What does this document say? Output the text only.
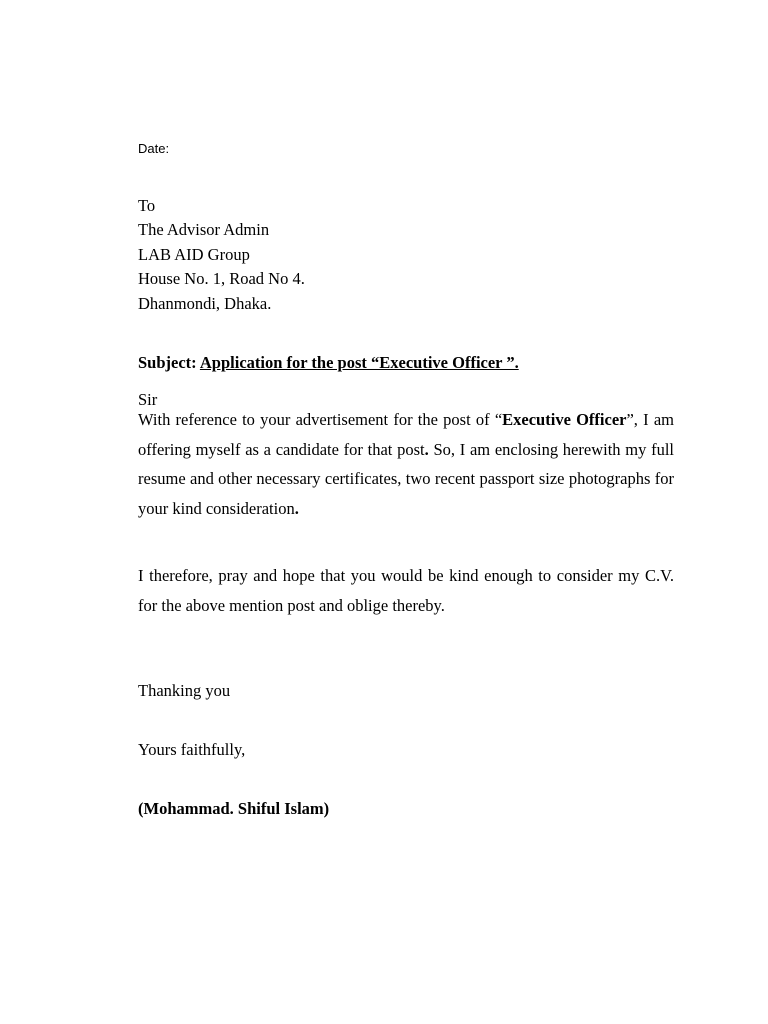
Date:
To
The Advisor Admin
LAB AID Group
House No. 1, Road No 4.
Dhanmondi, Dhaka.
Subject: Application for the post “Executive Officer ”.
Sir
With reference to your advertisement for the post of “Executive Officer”, I am offering myself as a candidate for that post. So, I am enclosing herewith my full resume and other necessary certificates, two recent passport size photographs for your kind consideration.
I therefore, pray and hope that you would be kind enough to consider my C.V. for the above mention post and oblige thereby.
Thanking you
Yours faithfully,
(Mohammad. Shiful Islam)
